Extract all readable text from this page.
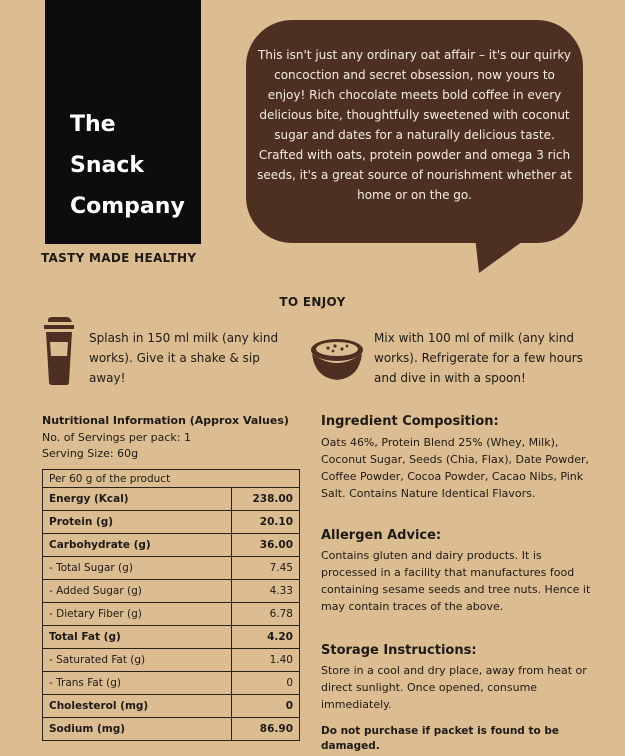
The
Snack
Company
TASTY MADE HEALTHY

This isn't just any ordinary oat affair – it's our quirky concoction and secret obsession, now yours to enjoy! Rich chocolate meets bold coffee in every delicious bite, thoughtfully sweetened with coconut sugar and dates for a naturally delicious taste. Crafted with oats, protein powder and omega 3 rich seeds, it's a great source of nourishment whether at home or on the go.

TO ENJOY
Splash in 150 ml milk (any kind works). Give it a shake & sip away!
Mix with 100 ml of milk (any kind works). Refrigerate for a few hours and dive in with a spoon!
Nutritional Information (Approx Values)
No. of Servings per pack: 1
Serving Size: 60g
Per 60 g of the product	
Energy (Kcal)	238.00
Protein (g)	20.10
Carbohydrate (g)	36.00
- Total Sugar (g)	7.45
- Added Sugar (g)	4.33
- Dietary Fiber (g)	6.78
Total Fat (g)	4.20
- Saturated Fat (g)	1.40
- Trans Fat (g)	0
Cholesterol (mg)	0
Sodium (mg)	86.90
Ingredient Composition:
Oats 46%, Protein Blend 25% (Whey, Milk), Coconut Sugar, Seeds (Chia, Flax), Date Powder, Coffee Powder, Cocoa Powder, Cacao Nibs, Pink Salt. Contains Nature Identical Flavors.
Allergen Advice:
Contains gluten and dairy products. It is processed in a facility that manufactures food containing sesame seeds and tree nuts. Hence it may contain traces of the above.
Storage Instructions:
Store in a cool and dry place, away from heat or direct sunlight. Once opened, consume immediately.
Do not purchase if packet is found to be damaged.
